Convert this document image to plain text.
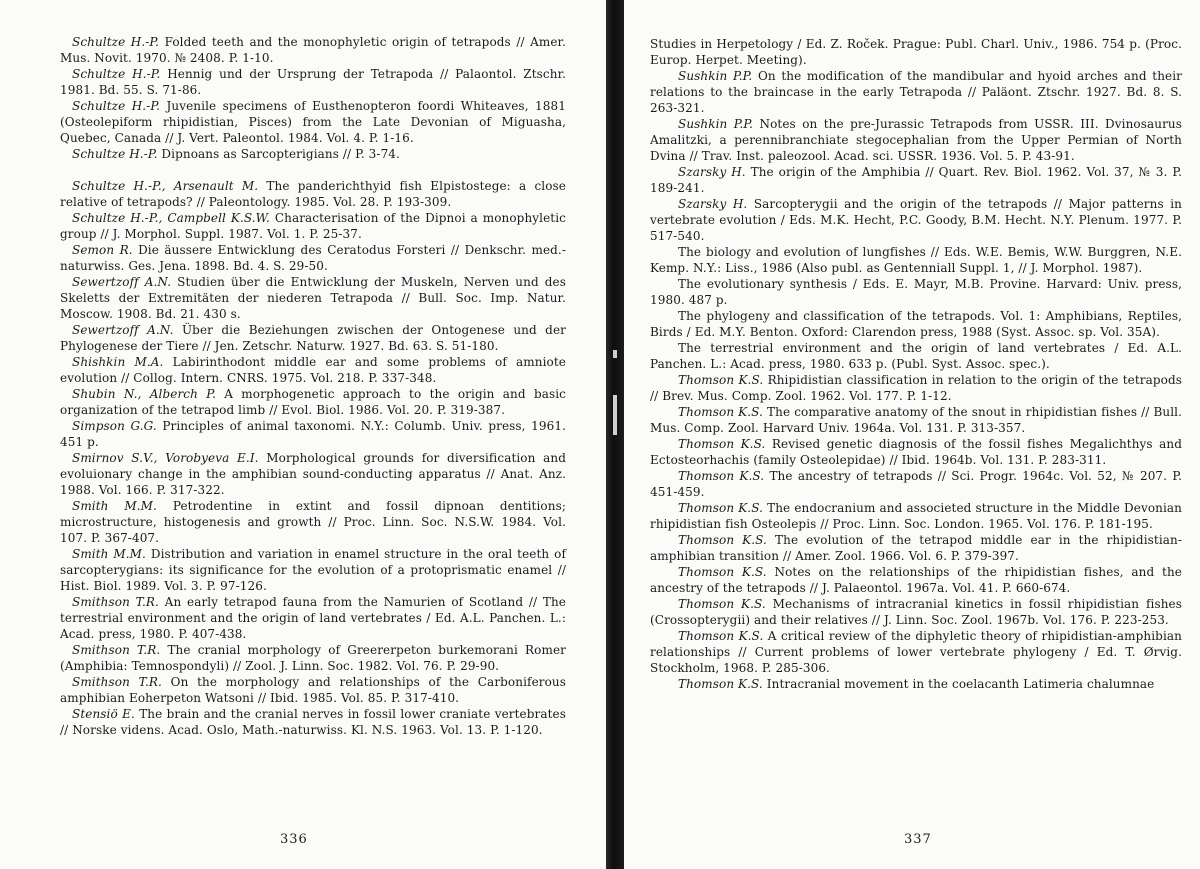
Schultze H.-P. Folded teeth and the monophyletic origin of tetrapods // Amer. Mus. Novit. 1970. № 2408. P. 1-10.
Schultze H.-P. Hennig und der Ursprung der Tetrapoda // Palaontol. Ztschr. 1981. Bd. 55. S. 71-86.
Schultze H.-P. Juvenile specimens of Eusthenopteron foordi Whiteaves, 1881 (Osteolepiform rhipidistian, Pisces) from the Late Devonian of Miguasha, Quebec, Canada // J. Vert. Paleontol. 1984. Vol. 4. P. 1-16.
Schultze H.-P. Dipnoans as Sarcopterigians // P. 3-74.
Schultze H.-P., Arsenault M. The panderichthyid fish Elpistostege: a close relative of tetrapods? // Paleontology. 1985. Vol. 28. P. 193-309.
Schultze H.-P., Campbell K.S.W. Characterisation of the Dipnoi a monophyletic group // J. Morphol. Suppl. 1987. Vol. 1. P. 25-37.
Semon R. Die äussere Entwicklung des Ceratodus Forsteri // Denkschr. med.-naturwiss. Ges. Jena. 1898. Bd. 4. S. 29-50.
Sewertzoff A.N. Studien über die Entwicklung der Muskeln, Nerven und des Skeletts der Extremitäten der niederen Tetrapoda // Bull. Soc. Imp. Natur. Moscow. 1908. Bd. 21. 430 s.
Sewertzoff A.N. Über die Beziehungen zwischen der Ontogenese und der Phylogenese der Tiere // Jen. Zetschr. Naturw. 1927. Bd. 63. S. 51-180.
Shishkin M.A. Labirinthodont middle ear and some problems of amniote evolution // Collog. Intern. CNRS. 1975. Vol. 218. P. 337-348.
Shubin N., Alberch P. A morphogenetic approach to the origin and basic organization of the tetrapod limb // Evol. Biol. 1986. Vol. 20. P. 319-387.
Simpson G.G. Principles of animal taxonomi. N.Y.: Columb. Univ. press, 1961. 451 p.
Smirnov S.V., Vorobyeva E.I. Morphological grounds for diversification and evoluionary change in the amphibian sound-conducting apparatus // Anat. Anz. 1988. Vol. 166. P. 317-322.
Smith M.M. Petrodentine in extint and fossil dipnoan dentitions; microstructure, histogenesis and growth // Proc. Linn. Soc. N.S.W. 1984. Vol. 107. P. 367-407.
Smith M.M. Distribution and variation in enamel structure in the oral teeth of sarcopterygians: its significance for the evolution of a protoprismatic enamel // Hist. Biol. 1989. Vol. 3. P. 97-126.
Smithson T.R. An early tetrapod fauna from the Namurien of Scotland // The terrestrial environment and the origin of land vertebrates / Ed. A.L. Panchen. L.: Acad. press, 1980. P. 407-438.
Smithson T.R. The cranial morphology of Greererpeton burkemorani Romer (Amphibia: Temnospondyli) // Zool. J. Linn. Soc. 1982. Vol. 76. P. 29-90.
Smithson T.R. On the morphology and relationships of the Carboniferous amphibian Eoherpeton Watsoni // Ibid. 1985. Vol. 85. P. 317-410.
Stensiö E. The brain and the cranial nerves in fossil lower craniate vertebrates // Norske videns. Acad. Oslo, Math.-naturwiss. Kl. N.S. 1963. Vol. 13. P. 1-120.
336
Studies in Herpetology / Ed. Z. Roček. Prague: Publ. Charl. Univ., 1986. 754 p. (Proc. Europ. Herpet. Meeting).
Sushkin P.P. On the modification of the mandibular and hyoid arches and their relations to the braincase in the early Tetrapoda // Paläont. Ztschr. 1927. Bd. 8. S. 263-321.
Sushkin P.P. Notes on the pre-Jurassic Tetrapods from USSR. III. Dvinosaurus Amalitzki, a perennibranchiate stegocephalian from the Upper Permian of North Dvina // Trav. Inst. paleozool. Acad. sci. USSR. 1936. Vol. 5. P. 43-91.
Szarsky H. The origin of the Amphibia // Quart. Rev. Biol. 1962. Vol. 37, № 3. P. 189-241.
Szarsky H. Sarcopterygii and the origin of the tetrapods // Major patterns in vertebrate evolution / Eds. M.K. Hecht, P.C. Goody, B.M. Hecht. N.Y. Plenum. 1977. P. 517-540.
The biology and evolution of lungfishes // Eds. W.E. Bemis, W.W. Burggren, N.E. Kemp. N.Y.: Liss., 1986 (Also publ. as Gentenniall Suppl. 1, // J. Morphol. 1987).
The evolutionary synthesis / Eds. E. Mayr, M.B. Provine. Harvard: Univ. press, 1980. 487 p.
The phylogeny and classification of the tetrapods. Vol. 1: Amphibians, Reptiles, Birds / Ed. M.Y. Benton. Oxford: Clarendon press, 1988 (Syst. Assoc. sp. Vol. 35A).
The terrestrial environment and the origin of land vertebrates / Ed. A.L. Panchen. L.: Acad. press, 1980. 633 p. (Publ. Syst. Assoc. spec.).
Thomson K.S. Rhipidistian classification in relation to the origin of the tetrapods // Brev. Mus. Comp. Zool. 1962. Vol. 177. P. 1-12.
Thomson K.S. The comparative anatomy of the snout in rhipidistian fishes // Bull. Mus. Comp. Zool. Harvard Univ. 1964a. Vol. 131. P. 313-357.
Thomson K.S. Revised genetic diagnosis of the fossil fishes Megalichthys and Ectosteorhachis (family Osteolepidae) // Ibid. 1964b. Vol. 131. P. 283-311.
Thomson K.S. The ancestry of tetrapods // Sci. Progr. 1964c. Vol. 52, № 207. P. 451-459.
Thomson K.S. The endocranium and associeted structure in the Middle Devonian rhipidistian fish Osteolepis // Proc. Linn. Soc. London. 1965. Vol. 176. P. 181-195.
Thomson K.S. The evolution of the tetrapod middle ear in the rhipidistian-amphibian transition // Amer. Zool. 1966. Vol. 6. P. 379-397.
Thomson K.S. Notes on the relationships of the rhipidistian fishes, and the ancestry of the tetrapods // J. Palaeontol. 1967a. Vol. 41. P. 660-674.
Thomson K.S. Mechanisms of intracranial kinetics in fossil rhipidistian fishes (Crossopterygii) and their relatives // J. Linn. Soc. Zool. 1967b. Vol. 176. P. 223-253.
Thomson K.S. A critical review of the diphyletic theory of rhipidistian-amphibian relationships // Current problems of lower vertebrate phylogeny / Ed. T. Ørvig. Stockholm, 1968. P. 285-306.
Thomson K.S. Intracranial movement in the coelacanth Latimeria chalumnae
337
